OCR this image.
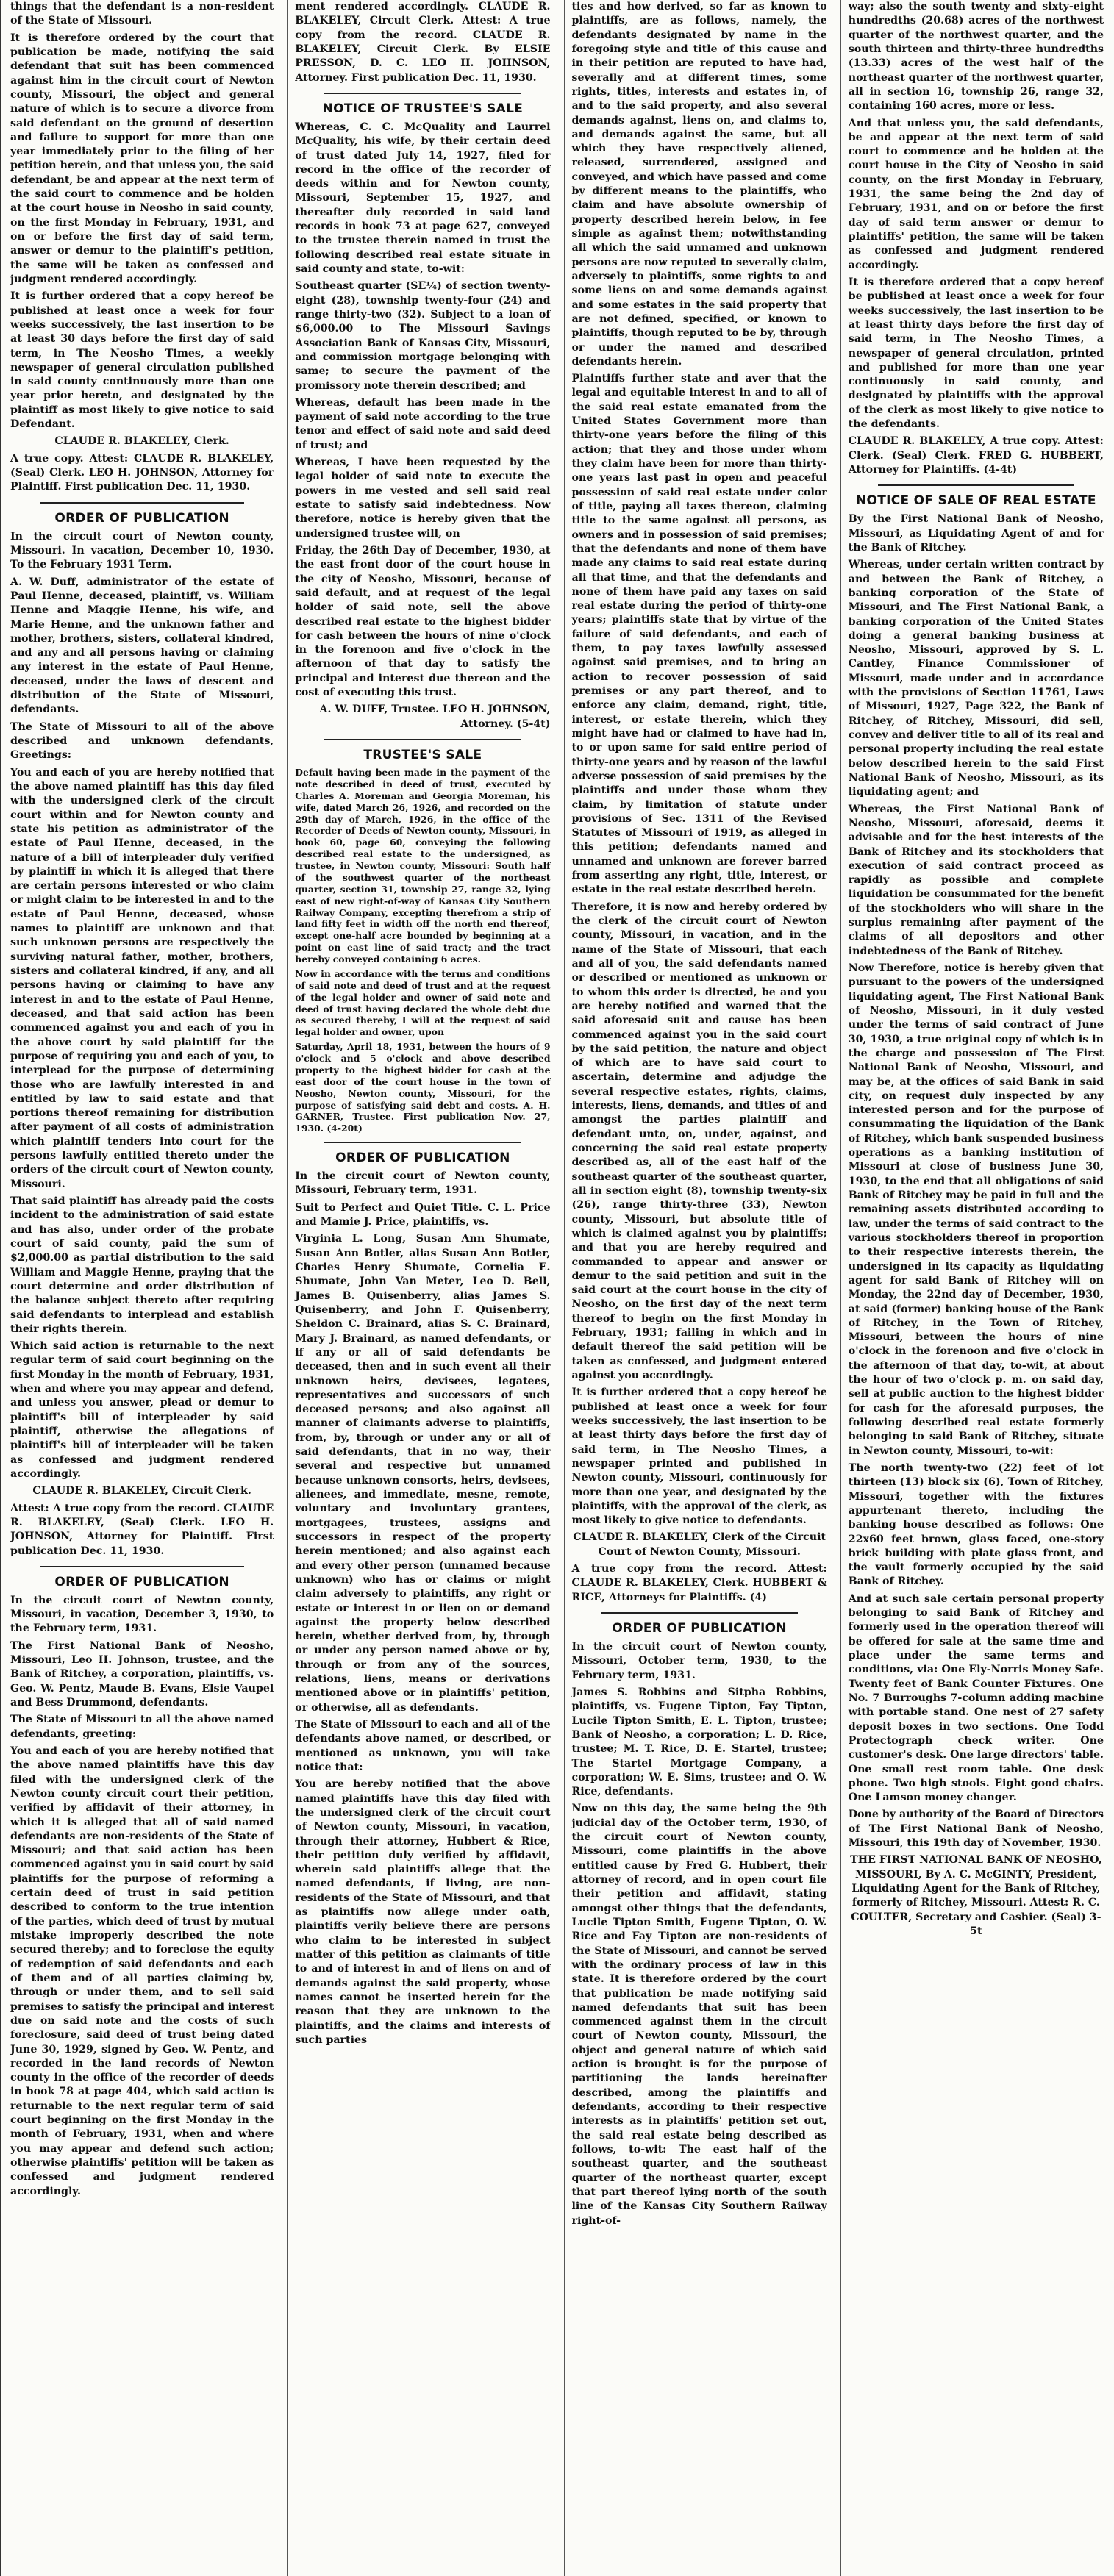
things that the defendant is a non-resident of the State of Missouri.

It is therefore ordered by the court that publication be made, notifying the said defendant that suit has been commenced against him in the circuit court of Newton county, Missouri, the object and general nature of which is to secure a divorce from said defendant on the ground of desertion and failure to support for more than one year immediately prior to the filing of her petition herein, and that unless you, the said defendant, be and appear at the next term of the said court to commence and be holden at the court house in Neosho in said county, on the first Monday in February, 1931, and on or before the first day of said term, answer or demur to the plaintiff's petition, the same will be taken as confessed and judgment rendered accordingly.

It is further ordered that a copy hereof be published at least once a week for four weeks successively, the last insertion to be at least 30 days before the first day of said term, in The Neosho Times, a weekly newspaper of general circulation published in said county continuously more than one year prior hereto, and designated by the plaintiff as most likely to give notice to said Defendant.

CLAUDE R. BLAKELEY, Clerk.

A true copy. Attest: CLAUDE R. BLAKELEY, (Seal) Clerk. LEO H. JOHNSON, Attorney for Plaintiff. First publication Dec. 11, 1930.

ORDER OF PUBLICATION

In the circuit court of Newton county, Missouri. In vacation, December 10, 1930. To the February 1931 Term.

A. W. Duff, administrator of the estate of Paul Henne, deceased, plaintiff, vs. William Henne and Maggie Henne, his wife, and Marie Henne, and the unknown father and mother, brothers, sisters, collateral kindred, and any and all persons having or claiming any interest in the estate of Paul Henne, deceased, under the laws of descent and distribution of the State of Missouri, defendants.

The State of Missouri to all of the above described and unknown defendants, Greetings:

You and each of you are hereby notified that the above named plaintiff has this day filed with the undersigned clerk of the circuit court within and for Newton county and state his petition as administrator of the estate of Paul Henne, deceased, in the nature of a bill of interpleader duly verified by plaintiff in which it is alleged that there are certain persons interested or who claim or might claim to be interested in and to the estate of Paul Henne, deceased, whose names to plaintiff are unknown and that such unknown persons are respectively the surviving natural father, mother, brothers, sisters and collateral kindred, if any, and all persons having or claiming to have any interest in and to the estate of Paul Henne, deceased, and that said action has been commenced against you and each of you in the above court by said plaintiff for the purpose of requiring you and each of you, to interplead for the purpose of determining those who are lawfully interested in and entitled by law to said estate and that portions thereof remaining for distribution after payment of all costs of administration which plaintiff tenders into court for the persons lawfully entitled thereto under the orders of the circuit court of Newton county, Missouri.

That said plaintiff has already paid the costs incident to the administration of said estate and has also, under order of the probate court of said county, paid the sum of $2,000.00 as partial distribution to the said William and Maggie Henne, praying that the court determine and order distribution of the balance subject thereto after requiring said defendants to interplead and establish their rights therein.

Which said action is returnable to the next regular term of said court beginning on the first Monday in the month of February, 1931, when and where you may appear and defend, and unless you answer, plead or demur to plaintiff's bill of interpleader by said plaintiff, otherwise the allegations of plaintiff's bill of interpleader will be taken as confessed and judgment rendered accordingly.

CLAUDE R. BLAKELEY, Circuit Clerk.

Attest: A true copy from the record. CLAUDE R. BLAKELEY, (Seal) Clerk. LEO H. JOHNSON, Attorney for Plaintiff. First publication Dec. 11, 1930.

ORDER OF PUBLICATION

In the circuit court of Newton county, Missouri, in vacation, December 3, 1930, to the February term, 1931.

The First National Bank of Neosho, Missouri, Leo H. Johnson, trustee, and the Bank of Ritchey, a corporation, plaintiffs, vs. Geo. W. Pentz, Maude B. Evans, Elsie Vaupel and Bess Drummond, defendants.

The State of Missouri to all the above named defendants, greeting:

You and each of you are hereby notified that the above named plaintiffs have this day filed with the undersigned clerk of the Newton county circuit court their petition, verified by affidavit of their attorney, in which it is alleged that all of said named defendants are non-residents of the State of Missouri; and that said action has been commenced against you in said court by said plaintiffs for the purpose of reforming a certain deed of trust in said petition described to conform to the true intention of the parties, which deed of trust by mutual mistake improperly described the note secured thereby; and to foreclose the equity of redemption of said defendants and each of them and of all parties claiming by, through or under them, and to sell said premises to satisfy the principal and interest due on said note and the costs of such foreclosure, said deed of trust being dated June 30, 1929, signed by Geo. W. Pentz, and recorded in the land records of Newton county in the office of the recorder of deeds in book 78 at page 404, which said action is returnable to the next regular term of said court beginning on the first Monday in the month of February, 1931, when and where you may appear and defend such action; otherwise plaintiffs' petition will be taken as confessed and judgment rendered accordingly.

ment rendered accordingly. CLAUDE R. BLAKELEY, Circuit Clerk. Attest: A true copy from the record. CLAUDE R. BLAKELEY, Circuit Clerk. By ELSIE PRESSON, D. C. LEO H. JOHNSON, Attorney. First publication Dec. 11, 1930.

NOTICE OF TRUSTEE'S SALE

Whereas, C. C. McQuality and Laurrel McQuality, his wife, by their certain deed of trust dated July 14, 1927, filed for record in the office of the recorder of deeds within and for Newton county, Missouri, September 15, 1927, and thereafter duly recorded in said land records in book 73 at page 627, conveyed to the trustee therein named in trust the following described real estate situate in said county and state, to-wit:

Southeast quarter (SE¼) of section twenty-eight (28), township twenty-four (24) and range thirty-two (32). Subject to a loan of $6,000.00 to The Missouri Savings Association Bank of Kansas City, Missouri, and commission mortgage belonging with same; to secure the payment of the promissory note therein described; and

Whereas, default has been made in the payment of said note according to the true tenor and effect of said note and said deed of trust; and

Whereas, I have been requested by the legal holder of said note to execute the powers in me vested and sell said real estate to satisfy said indebtedness. Now therefore, notice is hereby given that the undersigned trustee will, on

Friday, the 26th Day of December, 1930, at the east front door of the court house in the city of Neosho, Missouri, because of said default, and at request of the legal holder of said note, sell the above described real estate to the highest bidder for cash between the hours of nine o'clock in the forenoon and five o'clock in the afternoon of that day to satisfy the principal and interest due thereon and the cost of executing this trust.

A. W. DUFF, Trustee. LEO H. JOHNSON, Attorney. (5-4t)

TRUSTEE'S SALE

Default having been made in the payment of the note described in deed of trust, executed by Charles A. Moreman and Georgia Moreman, his wife, dated March 26, 1926, and recorded on the 29th day of March, 1926, in the office of the Recorder of Deeds of Newton county, Missouri, in book 60, page 60, conveying the following described real estate to the undersigned, as trustee, in Newton county, Missouri: South half of the southwest quarter of the northeast quarter, section 31, township 27, range 32, lying east of new right-of-way of Kansas City Southern Railway Company, excepting therefrom a strip of land fifty feet in width off the north end thereof, except one-half acre bounded by beginning at a point on east line of said tract; and the tract hereby conveyed containing 6 acres.

Now in accordance with the terms and conditions of said note and deed of trust and at the request of the legal holder and owner of said note and deed of trust having declared the whole debt due as secured thereby, I will at the request of said legal holder and owner, upon

Saturday, April 18, 1931, between the hours of 9 o'clock and 5 o'clock and above described property to the highest bidder for cash at the east door of the court house in the town of Neosho, Newton county, Missouri, for the purpose of satisfying said debt and costs. A. H. GARNER, Trustee. First publication Nov. 27, 1930. (4-20t)

ORDER OF PUBLICATION

In the circuit court of Newton county, Missouri, February term, 1931.

Suit to Perfect and Quiet Title. C. L. Price and Mamie J. Price, plaintiffs, vs.

Virginia L. Long, Susan Ann Shumate, Susan Ann Botler, alias Susan Ann Botler, Charles Henry Shumate, Cornelia E. Shumate, John Van Meter, Leo D. Bell, James B. Quisenberry, alias James S. Quisenberry, and John F. Quisenberry, Sheldon C. Brainard, alias S. C. Brainard, Mary J. Brainard, as named defendants, or if any or all of said defendants be deceased, then and in such event all their unknown heirs, devisees, legatees, representatives and successors of such deceased persons; and also against all manner of claimants adverse to plaintiffs, from, by, through or under any or all of said defendants, that in no way, their several and respective but unnamed because unknown consorts, heirs, devisees, alienees, and immediate, mesne, remote, voluntary and involuntary grantees, mortgagees, trustees, assigns and successors in respect of the property herein mentioned; and also against each and every other person (unnamed because unknown) who has or claims or might claim adversely to plaintiffs, any right or estate or interest in or lien on or demand against the property below described herein, whether derived from, by, through or under any person named above or by, through or from any of the sources, relations, liens, means or derivations mentioned above or in plaintiffs' petition, or otherwise, all as defendants.

The State of Missouri to each and all of the defendants above named, or described, or mentioned as unknown, you will take notice that:

You are hereby notified that the above named plaintiffs have this day filed with the undersigned clerk of the circuit court of Newton county, Missouri, in vacation, through their attorney, Hubbert & Rice, their petition duly verified by affidavit, wherein said plaintiffs allege that the named defendants, if living, are non-residents of the State of Missouri, and that as plaintiffs now allege under oath, plaintiffs verily believe there are persons who claim to be interested in subject matter of this petition as claimants of title to and of interest in and of liens on and of demands against the said property, whose names cannot be inserted herein for the reason that they are unknown to the plaintiffs, and the claims and interests of such parties

ties and how derived, so far as known to plaintiffs, are as follows, namely, the defendants designated by name in the foregoing style and title of this cause and in their petition are reputed to have had, severally and at different times, some rights, titles, interests and estates in, of and to the said property, and also several demands against, liens on, and claims to, and demands against the same, but all which they have respectively aliened, released, surrendered, assigned and conveyed, and which have passed and come by different means to the plaintiffs, who claim and have absolute ownership of property described herein below, in fee simple as against them; notwithstanding all which the said unnamed and unknown persons are now reputed to severally claim, adversely to plaintiffs, some rights to and some liens on and some demands against and some estates in the said property that are not defined, specified, or known to plaintiffs, though reputed to be by, through or under the named and described defendants herein.

Plaintiffs further state and aver that the legal and equitable interest in and to all of the said real estate emanated from the United States Government more than thirty-one years before the filing of this action; that they and those under whom they claim have been for more than thirty-one years last past in open and peaceful possession of said real estate under color of title, paying all taxes thereon, claiming title to the same against all persons, as owners and in possession of said premises; that the defendants and none of them have made any claims to said real estate during all that time, and that the defendants and none of them have paid any taxes on said real estate during the period of thirty-one years; plaintiffs state that by virtue of the failure of said defendants, and each of them, to pay taxes lawfully assessed against said premises, and to bring an action to recover possession of said premises or any part thereof, and to enforce any claim, demand, right, title, interest, or estate therein, which they might have had or claimed to have had in, to or upon same for said entire period of thirty-one years and by reason of the lawful adverse possession of said premises by the plaintiffs and under those whom they claim, by limitation of statute under provisions of Sec. 1311 of the Revised Statutes of Missouri of 1919, as alleged in this petition; defendants named and unnamed and unknown are forever barred from asserting any right, title, interest, or estate in the real estate described herein.

Therefore, it is now and hereby ordered by the clerk of the circuit court of Newton county, Missouri, in vacation, and in the name of the State of Missouri, that each and all of you, the said defendants named or described or mentioned as unknown or to whom this order is directed, be and you are hereby notified and warned that the said aforesaid suit and cause has been commenced against you in the said court by the said petition, the nature and object of which are to have said court to ascertain, determine and adjudge the several respective estates, rights, claims, interests, liens, demands, and titles of and amongst the parties plaintiff and defendant unto, on, under, against, and concerning the said real estate property described as, all of the east half of the southeast quarter of the southeast quarter, all in section eight (8), township twenty-six (26), range thirty-three (33), Newton county, Missouri, but absolute title of which is claimed against you by plaintiffs; and that you are hereby required and commanded to appear and answer or demur to the said petition and suit in the said court at the court house in the city of Neosho, on the first day of the next term thereof to begin on the first Monday in February, 1931; failing in which and in default thereof the said petition will be taken as confessed, and judgment entered against you accordingly.

It is further ordered that a copy hereof be published at least once a week for four weeks successively, the last insertion to be at least thirty days before the first day of said term, in The Neosho Times, a newspaper printed and published in Newton county, Missouri, continuously for more than one year, and designated by the plaintiffs, with the approval of the clerk, as most likely to give notice to defendants.

CLAUDE R. BLAKELEY, Clerk of the Circuit Court of Newton County, Missouri.

A true copy from the record. Attest: CLAUDE R. BLAKELEY, Clerk. HUBBERT & RICE, Attorneys for Plaintiffs. (4)

ORDER OF PUBLICATION

In the circuit court of Newton county, Missouri, October term, 1930, to the February term, 1931.

James S. Robbins and Sitpha Robbins, plaintiffs, vs. Eugene Tipton, Fay Tipton, Lucile Tipton Smith, E. L. Tipton, trustee; Bank of Neosho, a corporation; L. D. Rice, trustee; M. T. Rice, D. E. Startel, trustee; The Startel Mortgage Company, a corporation; W. E. Sims, trustee; and O. W. Rice, defendants.

Now on this day, the same being the 9th judicial day of the October term, 1930, of the circuit court of Newton county, Missouri, come plaintiffs in the above entitled cause by Fred G. Hubbert, their attorney of record, and in open court file their petition and affidavit, stating amongst other things that the defendants, Lucile Tipton Smith, Eugene Tipton, O. W. Rice and Fay Tipton are non-residents of the State of Missouri, and cannot be served with the ordinary process of law in this state. It is therefore ordered by the court that publication be made notifying said named defendants that suit has been commenced against them in the circuit court of Newton county, Missouri, the object and general nature of which said action is brought is for the purpose of partitioning the lands hereinafter described, among the plaintiffs and defendants, according to their respective interests as in plaintiffs' petition set out, the said real estate being described as follows, to-wit: The east half of the southeast quarter, and the southeast quarter of the northeast quarter, except that part thereof lying north of the south line of the Kansas City Southern Railway right-of-

way; also the south twenty and sixty-eight hundredths (20.68) acres of the northwest quarter of the northwest quarter, and the south thirteen and thirty-three hundredths (13.33) acres of the west half of the northeast quarter of the northwest quarter, all in section 16, township 26, range 32, containing 160 acres, more or less.

And that unless you, the said defendants, be and appear at the next term of said court to commence and be holden at the court house in the City of Neosho in said county, on the first Monday in February, 1931, the same being the 2nd day of February, 1931, and on or before the first day of said term answer or demur to plaintiffs' petition, the same will be taken as confessed and judgment rendered accordingly.

It is therefore ordered that a copy hereof be published at least once a week for four weeks successively, the last insertion to be at least thirty days before the first day of said term, in The Neosho Times, a newspaper of general circulation, printed and published for more than one year continuously in said county, and designated by plaintiffs with the approval of the clerk as most likely to give notice to the defendants.

CLAUDE R. BLAKELEY, A true copy. Attest: Clerk. (Seal) Clerk. FRED G. HUBBERT, Attorney for Plaintiffs. (4-4t)

NOTICE OF SALE OF REAL ESTATE

By the First National Bank of Neosho, Missouri, as Liquidating Agent of and for the Bank of Ritchey.

Whereas, under certain written contract by and between the Bank of Ritchey, a banking corporation of the State of Missouri, and The First National Bank, a banking corporation of the United States doing a general banking business at Neosho, Missouri, approved by S. L. Cantley, Finance Commissioner of Missouri, made under and in accordance with the provisions of Section 11761, Laws of Missouri, 1927, Page 322, the Bank of Ritchey, of Ritchey, Missouri, did sell, convey and deliver title to all of its real and personal property including the real estate below described herein to the said First National Bank of Neosho, Missouri, as its liquidating agent; and

Whereas, the First National Bank of Neosho, Missouri, aforesaid, deems it advisable and for the best interests of the Bank of Ritchey and its stockholders that execution of said contract proceed as rapidly as possible and complete liquidation be consummated for the benefit of the stockholders who will share in the surplus remaining after payment of the claims of all depositors and other indebtedness of the Bank of Ritchey.

Now Therefore, notice is hereby given that pursuant to the powers of the undersigned liquidating agent, The First National Bank of Neosho, Missouri, in it duly vested under the terms of said contract of June 30, 1930, a true original copy of which is in the charge and possession of The First National Bank of Neosho, Missouri, and may be, at the offices of said Bank in said city, on request duly inspected by any interested person and for the purpose of consummating the liquidation of the Bank of Ritchey, which bank suspended business operations as a banking institution of Missouri at close of business June 30, 1930, to the end that all obligations of said Bank of Ritchey may be paid in full and the remaining assets distributed according to law, under the terms of said contract to the various stockholders thereof in proportion to their respective interests therein, the undersigned in its capacity as liquidating agent for said Bank of Ritchey will on Monday, the 22nd day of December, 1930, at said (former) banking house of the Bank of Ritchey, in the Town of Ritchey, Missouri, between the hours of nine o'clock in the forenoon and five o'clock in the afternoon of that day, to-wit, at about the hour of two o'clock p. m. on said day, sell at public auction to the highest bidder for cash for the aforesaid purposes, the following described real estate formerly belonging to said Bank of Ritchey, situate in Newton county, Missouri, to-wit:

The north twenty-two (22) feet of lot thirteen (13) block six (6), Town of Ritchey, Missouri, together with the fixtures appurtenant thereto, including the banking house described as follows: One 22x60 feet brown, glass faced, one-story brick building with plate glass front, and the vault formerly occupied by the said Bank of Ritchey.

And at such sale certain personal property belonging to said Bank of Ritchey and formerly used in the operation thereof will be offered for sale at the same time and place under the same terms and conditions, via: One Ely-Norris Money Safe. Twenty feet of Bank Counter Fixtures. One No. 7 Burroughs 7-column adding machine with portable stand. One nest of 27 safety deposit boxes in two sections. One Todd Protectograph check writer. One customer's desk. One large directors' table. One small rest room table. One desk phone. Two high stools. Eight good chairs. One Lamson money changer.

Done by authority of the Board of Directors of The First National Bank of Neosho, Missouri, this 19th day of November, 1930.

THE FIRST NATIONAL BANK OF NEOSHO, MISSOURI, By A. C. McGINTY, President, Liquidating Agent for the Bank of Ritchey, formerly of Ritchey, Missouri. Attest: R. C. COULTER, Secretary and Cashier. (Seal) 3-5t
